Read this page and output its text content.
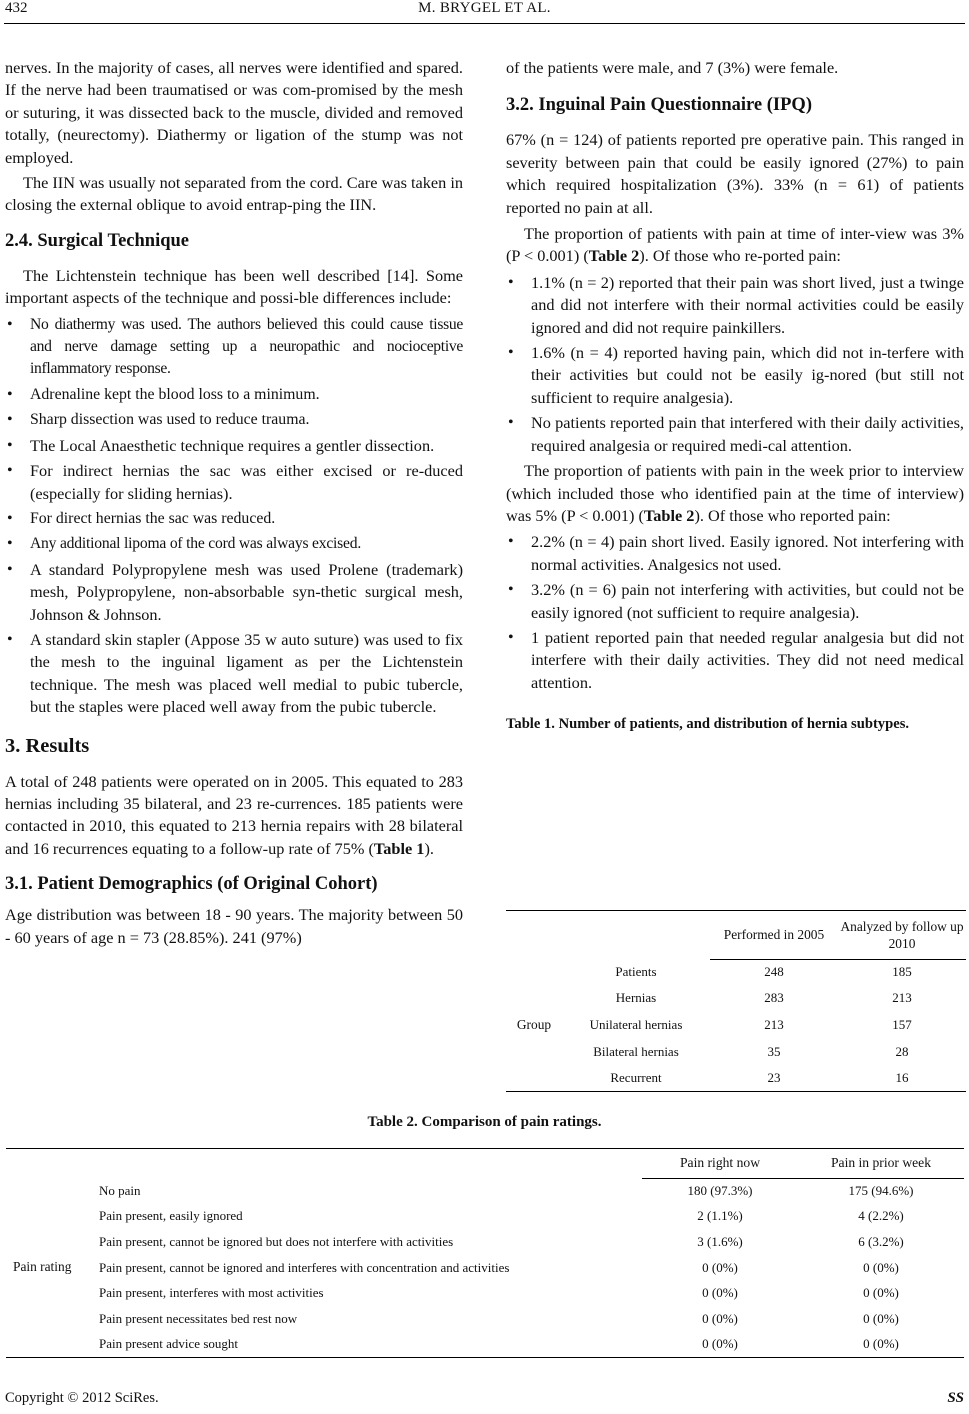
432	M. BRYGEL ET AL.

nerves. In the majority of cases, all nerves were identified and spared. If the nerve had been traumatised or was com-promised by the mesh or suturing, it was dissected back to the muscle, divided and removed totally, (neurectomy). Diathermy or ligation of the stump was not employed.

The IIN was usually not separated from the cord. Care was taken in closing the external oblique to avoid entrap-ping the IIN.

2.4. Surgical Technique

The Lichtenstein technique has been well described [14]. Some important aspects of the technique and possi-ble differences include:

• No diathermy was used. The authors believed this could cause tissue and nerve damage setting up a neuropathic and nocioceptive inflammatory response.
• Adrenaline kept the blood loss to a minimum.
• Sharp dissection was used to reduce trauma.
• The Local Anaesthetic technique requires a gentler dissection.
• For indirect hernias the sac was either excised or re-duced (especially for sliding hernias).
• For direct hernias the sac was reduced.
• Any additional lipoma of the cord was always excised.
• A standard Polypropylene mesh was used Prolene (trademark) mesh, Polypropylene, non-absorbable syn-thetic surgical mesh, Johnson & Johnson.
• A standard skin stapler (Appose 35 w auto suture) was used to fix the mesh to the inguinal ligament as per the Lichtenstein technique. The mesh was placed well medial to pubic tubercle, but the staples were placed well away from the pubic tubercle.
3. Results

A total of 248 patients were operated on in 2005. This equated to 283 hernias including 35 bilateral, and 23 re-currences. 185 patients were contacted in 2010, this equated to 213 hernia repairs with 28 bilateral and 16 recurrences equating to a follow-up rate of 75% (Table 1).

3.1. Patient Demographics (of Original Cohort)

Age distribution was between 18 - 90 years. The majority between 50 - 60 years of age n = 73 (28.85%). 241 (97%)

of the patients were male, and 7 (3%) were female.

3.2. Inguinal Pain Questionnaire (IPQ)

67% (n = 124) of patients reported pre operative pain. This ranged in severity between pain that could be easily ignored (27%) to pain which required hospitalization (3%). 33% (n = 61) of patients reported no pain at all.

The proportion of patients with pain at time of inter-view was 3% (P < 0.001) (Table 2). Of those who re-ported pain:

• 1.1% (n = 2) reported that their pain was short lived, just a twinge and did not interfere with their normal activities could be easily ignored and did not require painkillers.
• 1.6% (n = 4) reported having pain, which did not in-terfere with their activities but could not be easily ig-nored (but still not sufficient to require analgesia).
• No patients reported pain that interfered with their daily activities, required analgesia or required medi-cal attention.

The proportion of patients with pain in the week prior to interview (which included those who identified pain at the time of interview) was 5% (P < 0.001) (Table 2). Of those who reported pain:

• 2.2% (n = 4) pain short lived. Easily ignored. Not interfering with normal activities. Analgesics not used.
• 3.2% (n = 6) pain not interfering with activities, but could not be easily ignored (not sufficient to require analgesia).
• 1 patient reported pain that needed regular analgesia but did not interfere with their daily activities. They did not need medical attention.
Table 1. Number of patients, and distribution of hernia subtypes.
		Performed in 2005	Analyzed by follow up 2010
Group	Patients	248	185
	Hernias	283	213
	Unilateral hernias	213	157
	Bilateral hernias	35	28
	Recurrent	23	16
Table 2. Comparison of pain ratings.
		Pain right now	Pain in prior week
Pain rating	No pain	180 (97.3%)	175 (94.6%)
	Pain present, easily ignored	2 (1.1%)	4 (2.2%)
	Pain present, cannot be ignored but does not interfere with activities	3 (1.6%)	6 (3.2%)
	Pain present, cannot be ignored and interferes with concentration and activities	0 (0%)	0 (0%)
	Pain present, interferes with most activities	0 (0%)	0 (0%)
	Pain present necessitates bed rest now	0 (0%)	0 (0%)
	Pain present advice sought	0 (0%)	0 (0%)
Copyright © 2012 SciRes.	SS
